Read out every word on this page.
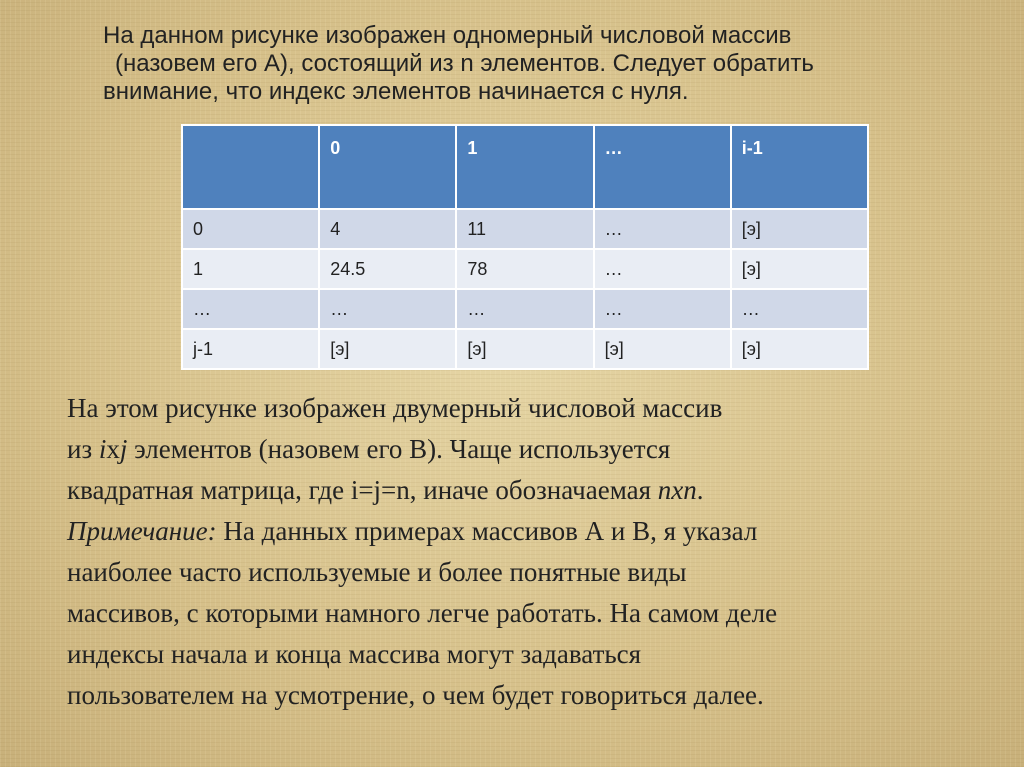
На данном рисунке изображен одномерный числовой массив
(назовем его А), состоящий из n элементов. Следует обратить
внимание, что индекс элементов начинается с нуля.
	0	1	…	i-1
0	4	11	…	[э]
1	24.5	78	…	[э]
…	…	…	…	…
j-1	[э]	[э]	[э]	[э]
На этом рисунке изображен двумерный числовой массив
из ixj элементов (назовем его В). Чаще используется
квадратная матрица, где i=j=n, иначе обозначаемая nxn.
Примечание: На данных примерах массивов А и В, я указал
наиболее часто используемые и более понятные виды
массивов, с которыми намного легче работать. На самом деле
индексы начала и конца массива могут задаваться
пользователем на усмотрение, о чем будет говориться далее.
